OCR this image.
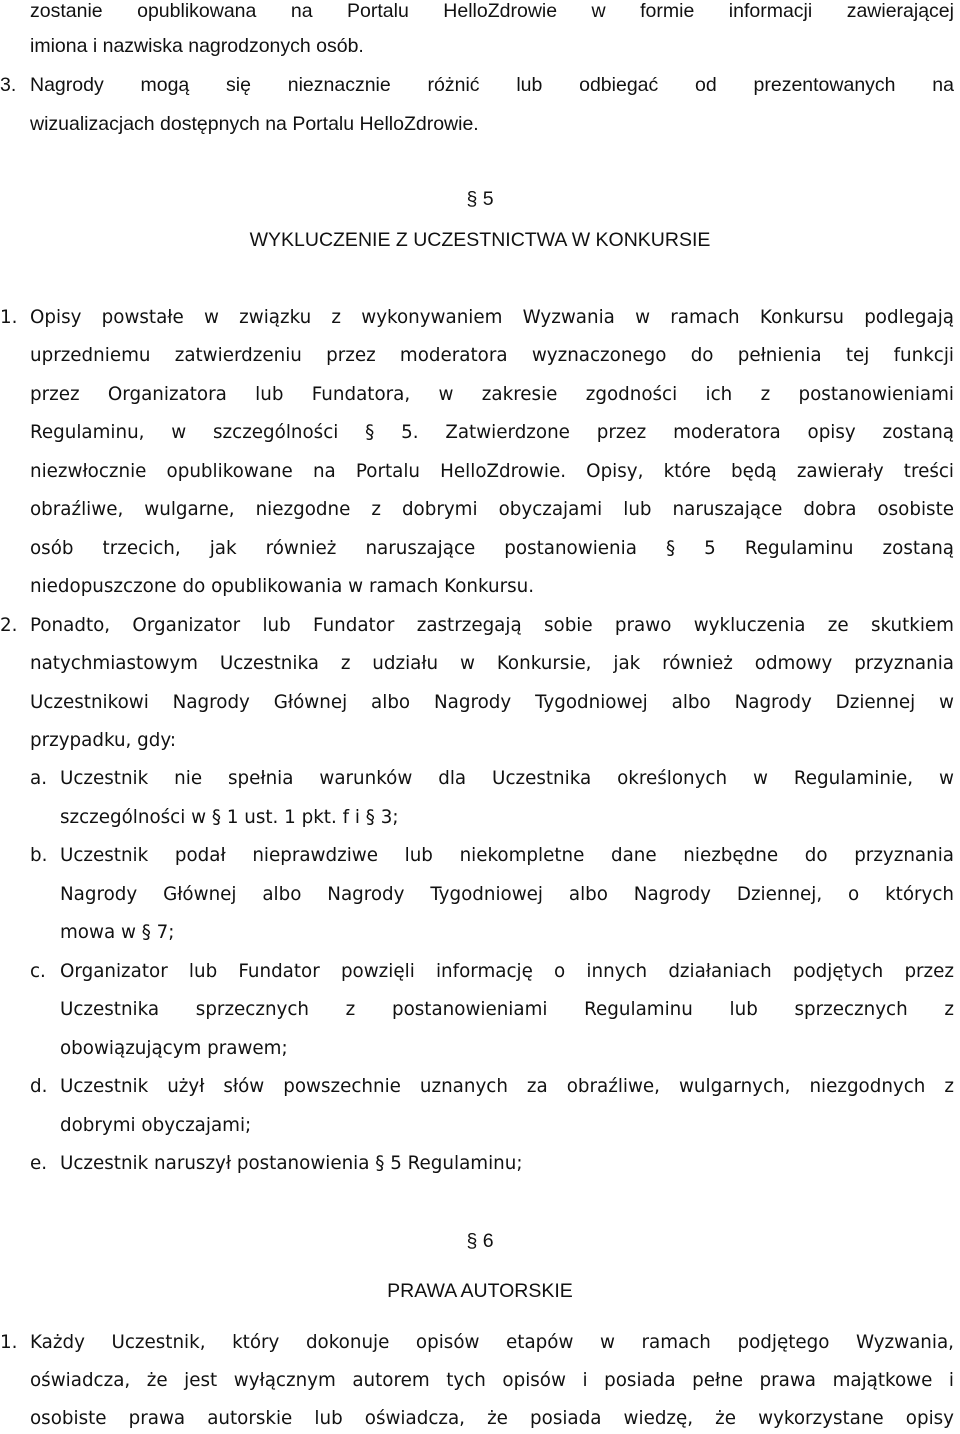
zostanie opublikowana na Portalu HelloZdrowie w formie informacji zawierającej
imiona i nazwiska nagrodzonych osób.
3. Nagrody mogą się nieznacznie różnić lub odbiegać od prezentowanych na
wizualizacjach dostępnych na Portalu HelloZdrowie.
§ 5
WYKLUCZENIE Z UCZESTNICTWA W KONKURSIE
1. Opisy powstałe w związku z wykonywaniem Wyzwania w ramach Konkursu podlegają
uprzedniemu zatwierdzeniu przez moderatora wyznaczonego do pełnienia tej funkcji
przez Organizatora lub Fundatora, w zakresie zgodności ich z postanowieniami
Regulaminu, w szczególności § 5. Zatwierdzone przez moderatora opisy zostaną
niezwłocznie opublikowane na Portalu HelloZdrowie. Opisy, które będą zawierały treści
obraźliwe, wulgarne, niezgodne z dobrymi obyczajami lub naruszające dobra osobiste
osób trzecich, jak również naruszające postanowienia § 5 Regulaminu zostaną
niedopuszczone do opublikowania w ramach Konkursu.
2. Ponadto, Organizator lub Fundator zastrzegają sobie prawo wykluczenia ze skutkiem
natychmiastowym Uczestnika z udziału w Konkursie, jak również odmowy przyznania
Uczestnikowi Nagrody Głównej albo Nagrody Tygodniowej albo Nagrody Dziennej w
przypadku, gdy:
a. Uczestnik nie spełnia warunków dla Uczestnika określonych w Regulaminie, w
szczególności w § 1 ust. 1 pkt. f i § 3;
b. Uczestnik podał nieprawdziwe lub niekompletne dane niezbędne do przyznania
Nagrody Głównej albo Nagrody Tygodniowej albo Nagrody Dziennej, o których
mowa w § 7;
c. Organizator lub Fundator powzięli informację o innych działaniach podjętych przez
Uczestnika sprzecznych z postanowieniami Regulaminu lub sprzecznych z
obowiązującym prawem;
d. Uczestnik użył słów powszechnie uznanych za obraźliwe, wulgarnych, niezgodnych z
dobrymi obyczajami;
e. Uczestnik naruszył postanowienia § 5 Regulaminu;
§ 6
PRAWA AUTORSKIE
1. Każdy Uczestnik, który dokonuje opisów etapów w ramach podjętego Wyzwania,
oświadcza, że jest wyłącznym autorem tych opisów i posiada pełne prawa majątkowe i
osobiste prawa autorskie lub oświadcza, że posiada wiedzę, że wykorzystane opisy
